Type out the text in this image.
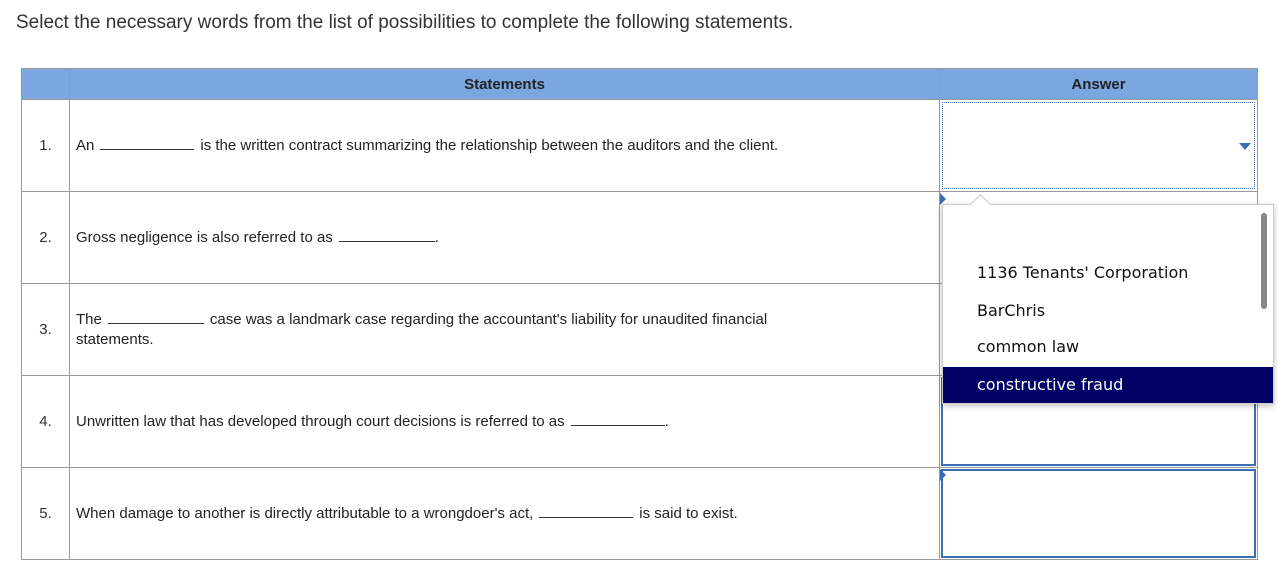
Select the necessary words from the list of possibilities to complete the following statements.
	Statements	Answer
1.	An is the written contract summarizing the relationship between the auditors and the client.	

2.	Gross negligence is also referred to as .	

3.	The case was a landmark case regarding the accountant's liability for unaudited financial
statements.	
4.	Unwritten law that has developed through court decisions is referred to as .	

5.	When damage to another is directly attributable to a wrongdoer's act, is said to exist.	
1136 Tenants' Corporation
BarChris
common law
constructive fraud
